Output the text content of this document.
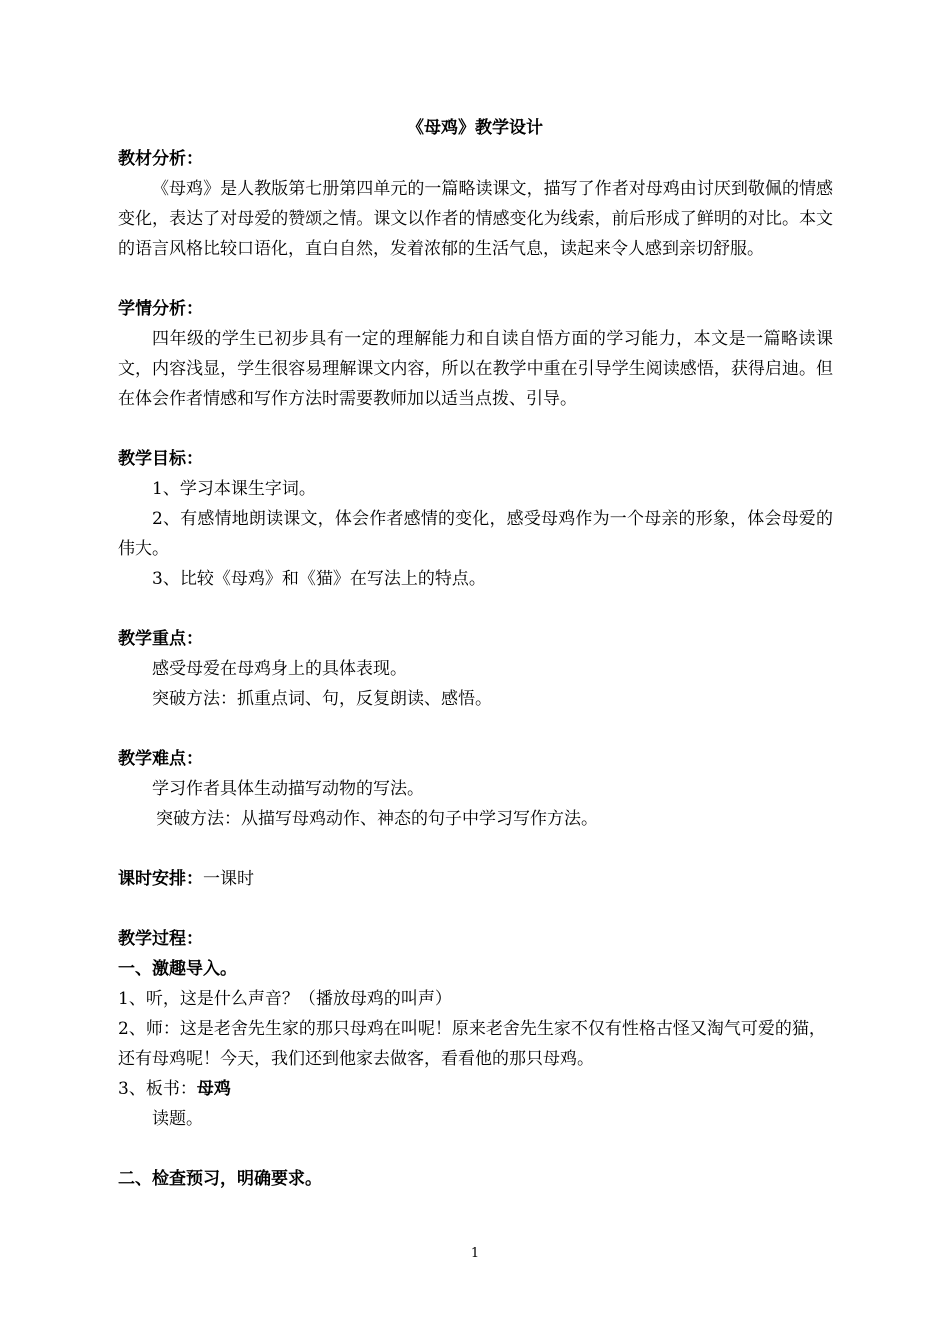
《母鸡》教学设计

教材分析：

《母鸡》是人教版第七册第四单元的一篇略读课文，描写了作者对母鸡由讨厌到敬佩的情感变化，表达了对母爱的赞颂之情。课文以作者的情感变化为线索，前后形成了鲜明的对比。本文的语言风格比较口语化，直白自然，发着浓郁的生活气息，读起来令人感到亲切舒服。

学情分析：

四年级的学生已初步具有一定的理解能力和自读自悟方面的学习能力，本文是一篇略读课文，内容浅显，学生很容易理解课文内容，所以在教学中重在引导学生阅读感悟，获得启迪。但在体会作者情感和写作方法时需要教师加以适当点拨、引导。

教学目标：

1、学习本课生字词。

2、有感情地朗读课文，体会作者感情的变化，感受母鸡作为一个母亲的形象，体会母爱的伟大。

3、比较《母鸡》和《猫》在写法上的特点。

教学重点：

感受母爱在母鸡身上的具体表现。

突破方法：抓重点词、句，反复朗读、感悟。

教学难点：

学习作者具体生动描写动物的写法。

突破方法：从描写母鸡动作、神态的句子中学习写作方法。

课时安排：一课时

教学过程：

一、激趣导入。

1、听，这是什么声音？（播放母鸡的叫声）

2、师：这是老舍先生家的那只母鸡在叫呢！原来老舍先生家不仅有性格古怪又淘气可爱的猫，还有母鸡呢！今天，我们还到他家去做客，看看他的那只母鸡。

3、板书：母鸡

读题。

二、检查预习，明确要求。

1
